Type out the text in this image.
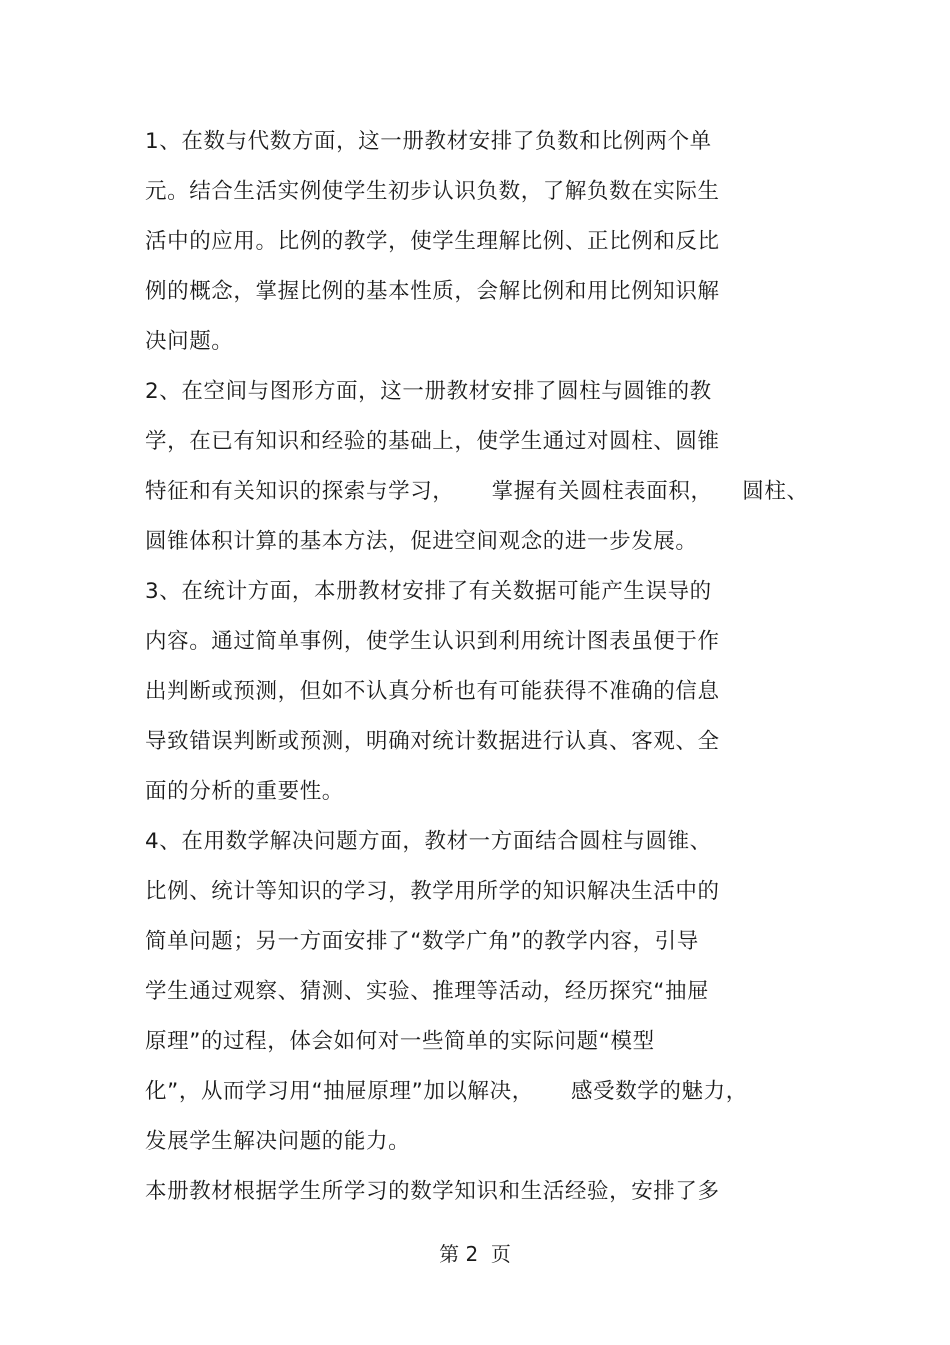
1、在数与代数方面，这一册教材安排了负数和比例两个单
元。结合生活实例使学生初步认识负数，了解负数在实际生
活中的应用。比例的教学，使学生理解比例、正比例和反比
例的概念，掌握比例的基本性质，会解比例和用比例知识解
决问题。
2、在空间与图形方面，这一册教材安排了圆柱与圆锥的教
学，在已有知识和经验的基础上，使学生通过对圆柱、圆锥
特征和有关知识的探索与学习，     掌握有关圆柱表面积，    圆柱、
圆锥体积计算的基本方法，促进空间观念的进一步发展。
3、在统计方面，本册教材安排了有关数据可能产生误导的
内容。通过简单事例，使学生认识到利用统计图表虽便于作
出判断或预测，但如不认真分析也有可能获得不准确的信息
导致错误判断或预测，明确对统计数据进行认真、客观、全
面的分析的重要性。
4、在用数学解决问题方面，教材一方面结合圆柱与圆锥、
比例、统计等知识的学习，教学用所学的知识解决生活中的
简单问题；另一方面安排了“数学广角”的教学内容，引导
学生通过观察、猜测、实验、推理等活动，经历探究“抽屉
原理”的过程，体会如何对一些简单的实际问题“模型
化”，从而学习用“抽屉原理”加以解决，     感受数学的魅力，
发展学生解决问题的能力。
本册教材根据学生所学习的数学知识和生活经验，安排了多
第 2  页
